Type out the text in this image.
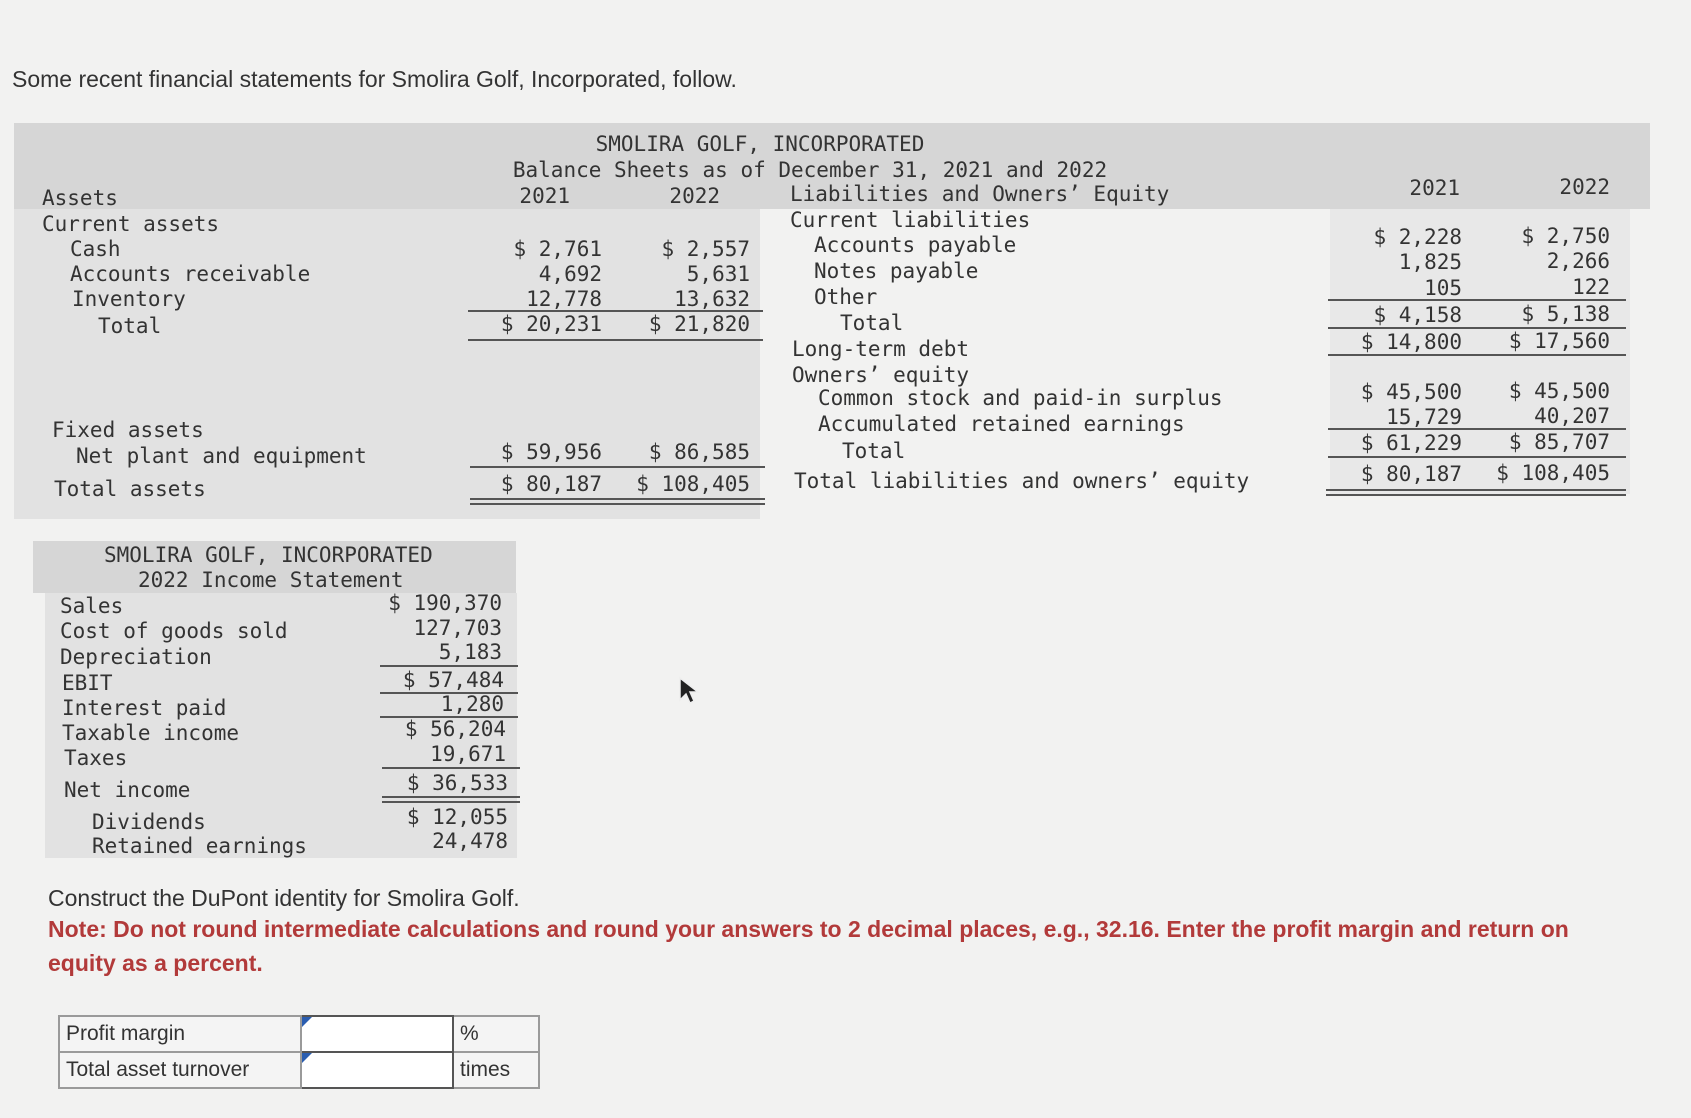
Some recent financial statements for Smolira Golf, Incorporated, follow.
SMOLIRA GOLF, INCORPORATED
Balance Sheets as of December 31, 2021 and 2022
Assets	2021	2022	Liabilities and Owners’ Equity	2021	2022
Current assets
Cash	$ 2,761	$ 2,557
Accounts receivable	4,692	5,631
Inventory	12,778	13,632
Total	$ 20,231	$ 21,820
Fixed assets
Net plant and equipment	$ 59,956	$ 86,585
Total assets	$ 80,187	$ 108,405
Current liabilities
Accounts payable	$ 2,228	$ 2,750
Notes payable	1,825	2,266
Other	105	122
Total	$ 4,158	$ 5,138
Long-term debt	$ 14,800	$ 17,560
Owners’ equity
Common stock and paid-in surplus	$ 45,500	$ 45,500
Accumulated retained earnings	15,729	40,207
Total	$ 61,229	$ 85,707
Total liabilities and owners’ equity	$ 80,187	$ 108,405
SMOLIRA GOLF, INCORPORATED
2022 Income Statement
Sales	$ 190,370
Cost of goods sold	127,703
Depreciation	5,183
EBIT	$ 57,484
Interest paid	1,280
Taxable income	$ 56,204
Taxes	19,671
Net income	$ 36,533
Dividends	$ 12,055
Retained earnings	24,478
Construct the DuPont identity for Smolira Golf.
Note: Do not round intermediate calculations and round your answers to 2 decimal places, e.g., 32.16. Enter the profit margin and return on equity as a percent.
Profit margin		%
Total asset turnover		times
